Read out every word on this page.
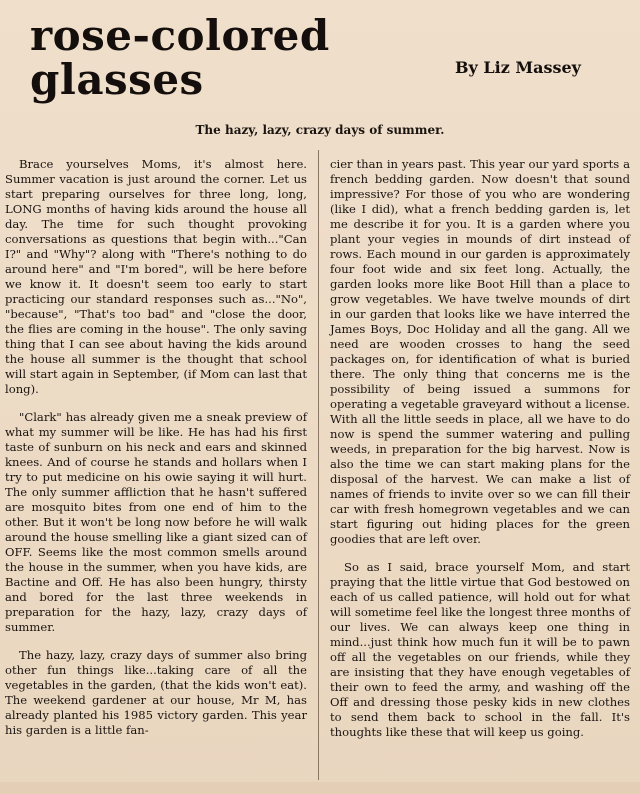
rose-colored
glasses	By Liz Massey
The hazy, lazy, crazy days of summer.

Brace yourselves Moms, it's almost here. Summer vacation is just around the corner. Let us start preparing ourselves for three long, long, LONG months of having kids around the house all day. The time for such thought provoking conversations as questions that begin with..."Can I?" and "Why"? along with "There's nothing to do around here" and "I'm bored", will be here before we know it. It doesn't seem too early to start practicing our standard responses such as..."No", "because", "That's too bad" and "close the door, the flies are coming in the house". The only saving thing that I can see about having the kids around the house all summer is the thought that school will start again in September, (if Mom can last that long).

"Clark" has already given me a sneak preview of what my summer will be like. He has had his first taste of sunburn on his neck and ears and skinned knees. And of course he stands and hollars when I try to put medicine on his owie saying it will hurt. The only summer affliction that he hasn't suffered are mosquito bites from one end of him to the other. But it won't be long now before he will walk around the house smelling like a giant sized can of OFF. Seems like the most common smells around the house in the summer, when you have kids, are Bactine and Off. He has also been hungry, thirsty and bored for the last three weekends in preparation for the hazy, lazy, crazy days of summer.

The hazy, lazy, crazy days of summer also bring other fun things like...taking care of all the vegetables in the garden, (that the kids won't eat). The weekend gardener at our house, Mr M, has already planted his 1985 victory garden. This year his garden is a little fan-

cier than in years past. This year our yard sports a french bedding garden. Now doesn't that sound impressive? For those of you who are wondering (like I did), what a french bedding garden is, let me describe it for you. It is a garden where you plant your vegies in mounds of dirt instead of rows. Each mound in our garden is approximately four foot wide and six feet long. Actually, the garden looks more like Boot Hill than a place to grow vegetables. We have twelve mounds of dirt in our garden that looks like we have interred the James Boys, Doc Holiday and all the gang. All we need are wooden crosses to hang the seed packages on, for identification of what is buried there. The only thing that concerns me is the possibility of being issued a summons for operating a vegetable graveyard without a license. With all the little seeds in place, all we have to do now is spend the summer watering and pulling weeds, in preparation for the big harvest. Now is also the time we can start making plans for the disposal of the harvest. We can make a list of names of friends to invite over so we can fill their car with fresh homegrown vegetables and we can start figuring out hiding places for the green goodies that are left over.

So as I said, brace yourself Mom, and start praying that the little virtue that God bestowed on each of us called patience, will hold out for what will sometime feel like the longest three months of our lives. We can always keep one thing in mind...just think how much fun it will be to pawn off all the vegetables on our friends, while they are insisting that they have enough vegetables of their own to feed the army, and washing off the Off and dressing those pesky kids in new clothes to send them back to school in the fall. It's thoughts like these that will keep us going.
